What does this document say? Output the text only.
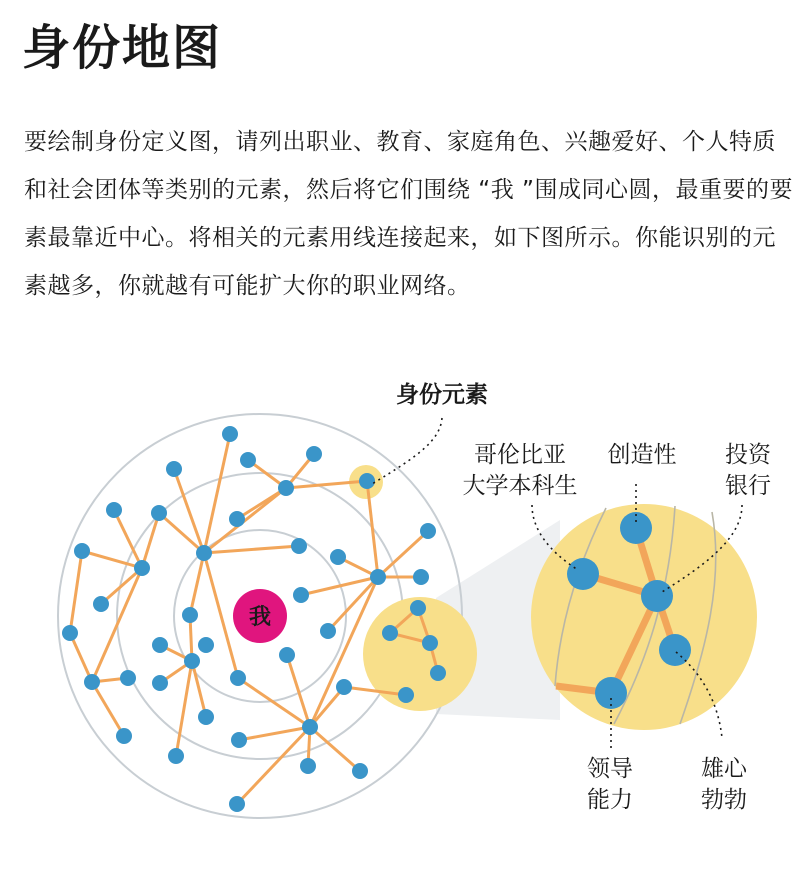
身份地图
要绘制身份定义图，请列出职业、教育、家庭角色、兴趣爱好、个人特质和社会团体等类别的元素，然后将它们围绕 “我 ”围成同心圆，最重要的要素最靠近中心。将相关的元素用线连接起来，如下图所示。你能识别的元素越多，你就越有可能扩大你的职业网络。
我
身份元素
哥伦比亚
大学本科生
创造性 投资
银行
领导
能力
雄心
勃勃
